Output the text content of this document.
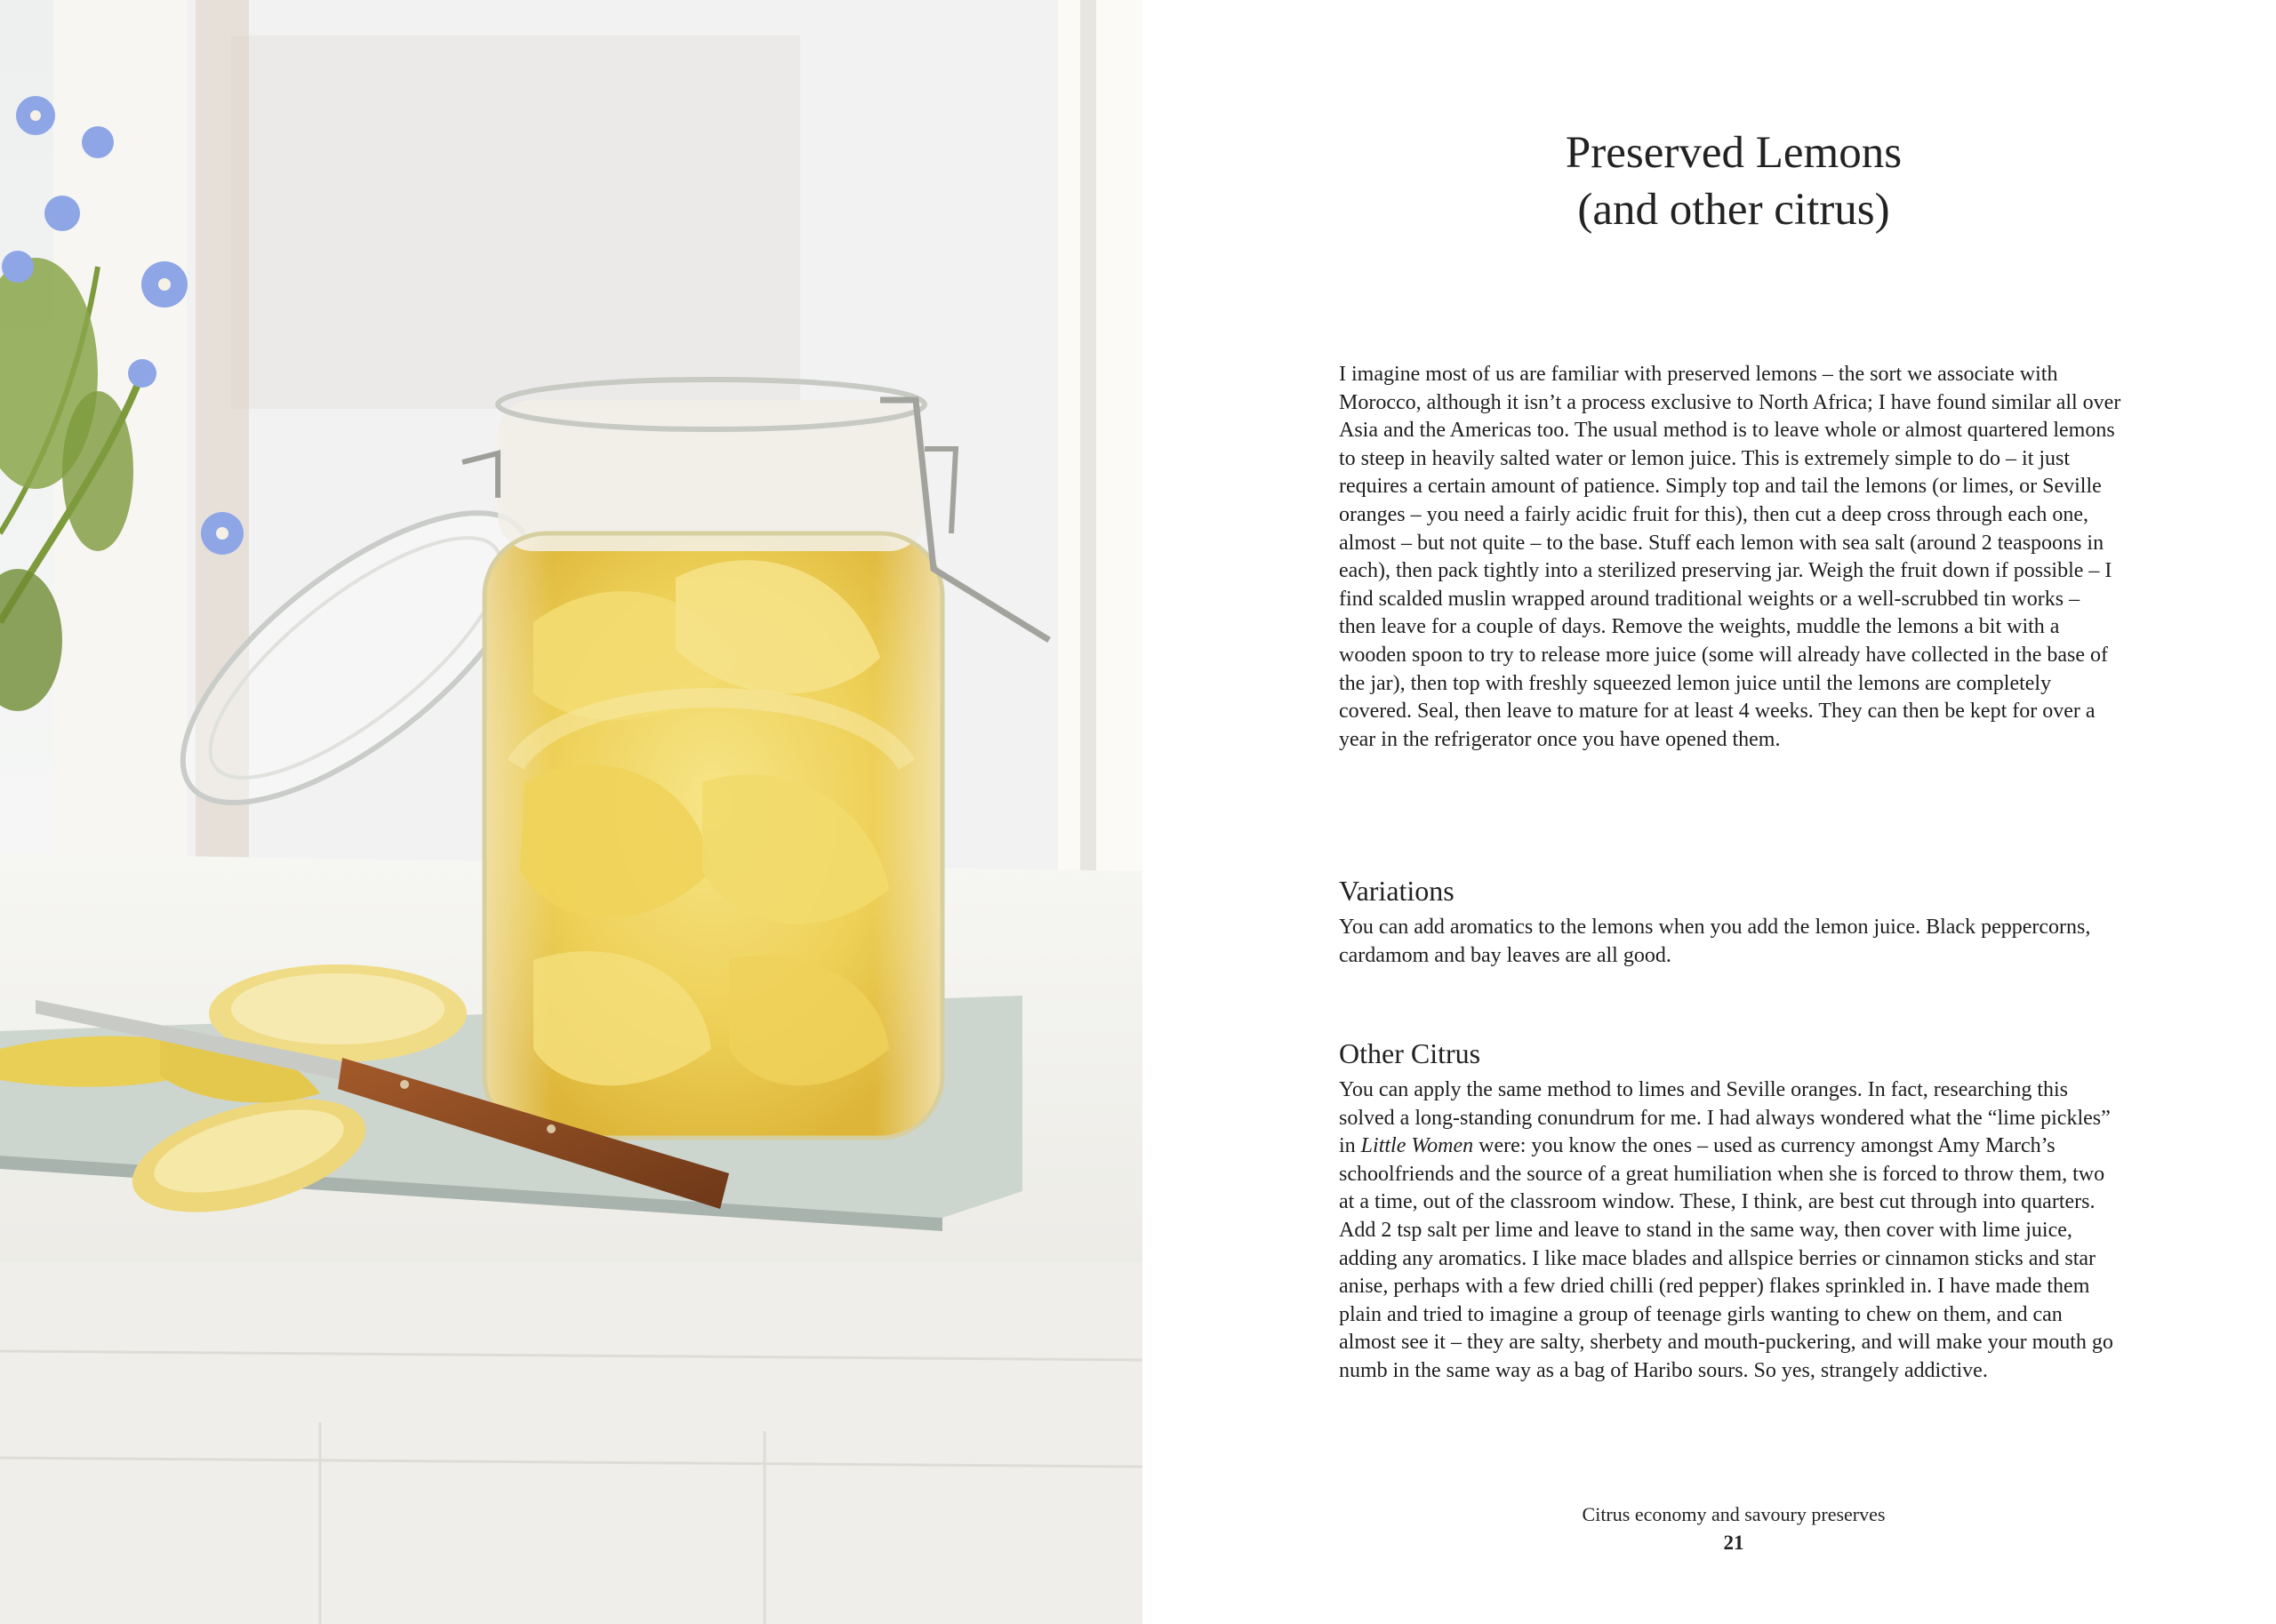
Preserved Lemons
(and other citrus)

I imagine most of us are familiar with preserved lemons – the sort we associate with Morocco, although it isn’t a process exclusive to North Africa; I have found similar all over Asia and the Americas too. The usual method is to leave whole or almost quartered lemons to steep in heavily salted water or lemon juice. This is extremely simple to do – it just requires a certain amount of patience. Simply top and tail the lemons (or limes, or Seville oranges – you need a fairly acidic fruit for this), then cut a deep cross through each one, almost – but not quite – to the base. Stuff each lemon with sea salt (around 2 teaspoons in each), then pack tightly into a sterilized preserving jar. Weigh the fruit down if possible – I find scalded muslin wrapped around traditional weights or a well-scrubbed tin works – then leave for a couple of days. Remove the weights, muddle the lemons a bit with a wooden spoon to try to release more juice (some will already have collected in the base of the jar), then top with freshly squeezed lemon juice until the lemons are completely covered. Seal, then leave to mature for at least 4 weeks. They can then be kept for over a year in the refrigerator once you have opened them.

Variations

You can add aromatics to the lemons when you add the lemon juice. Black peppercorns, cardamom and bay leaves are all good.

Other Citrus

You can apply the same method to limes and Seville oranges. In fact, researching this solved a long-standing conundrum for me. I had always wondered what the “lime pickles” in Little Women were: you know the ones – used as currency amongst Amy March’s schoolfriends and the source of a great humiliation when she is forced to throw them, two at a time, out of the classroom window. These, I think, are best cut through into quarters. Add 2 tsp salt per lime and leave to stand in the same way, then cover with lime juice, adding any aromatics. I like mace blades and allspice berries or cinnamon sticks and star anise, perhaps with a few dried chilli (red pepper) flakes sprinkled in. I have made them plain and tried to imagine a group of teenage girls wanting to chew on them, and can almost see it – they are salty, sherbety and mouth-puckering, and will make your mouth go numb in the same way as a bag of Haribo sours. So yes, strangely addictive.

Citrus economy and savoury preserves
21
